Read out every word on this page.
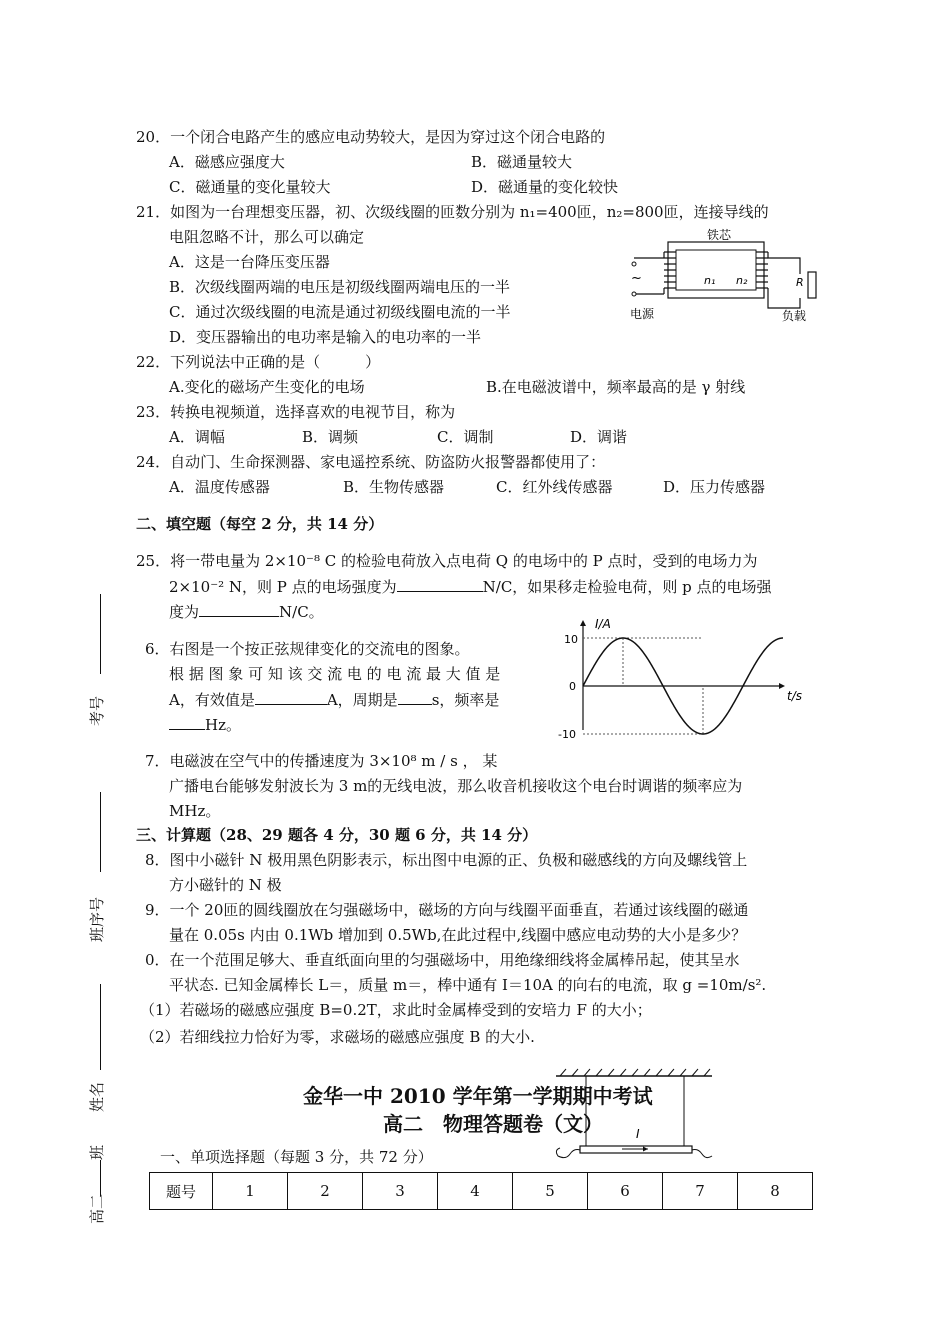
20．一个闭合电路产生的感应电动势较大，是因为穿过这个闭合电路的
A．磁感应强度大	B．磁通量较大
C．磁通量的变化量较大	D．磁通量的变化较快
21．如图为一台理想变压器，初、次级线圈的匝数分别为 n₁=400匝，n₂=800匝，连接导线的
电阻忽略不计，那么可以确定
A．这是一台降压变压器
B．次级线圈两端的电压是初级线圈两端电压的一半
C．通过次级线圈的电流是通过初级线圈电流的一半
D．变压器输出的电功率是输入的电功率的一半
铁芯
~	R
n₁ n₂
电源	负载
22．下列说法中正确的是（　　　）
A.变化的磁场产生变化的电场	B.在电磁波谱中，频率最高的是 γ 射线
23．转换电视频道，选择喜欢的电视节目，称为
A．调幅	B．调频	C．调制	D．调谐
24．自动门、生命探测器、家电遥控系统、防盗防火报警器都使用了：
A．温度传感器	B．生物传感器	C．红外线传感器	D．压力传感器
二、填空题（每空 2 分，共 14 分）
25．将一带电量为 2×10⁻⁸ C 的检验电荷放入点电荷 Q 的电场中的 P 点时，受到的电场力为
2×10⁻² N，则 P 点的电场强度为	N/C，如果移走检验电荷，则 p 点的电场强
度为	N/C。
6．右图是一个按正弦规律变化的交流电的图象。
根 据 图 象 可 知 该 交 流 电 的 电 流 最 大 值 是
A，有效值是	A，周期是 s，频率是
Hz。
I/A
t/s
10
0
-10
7．电磁波在空气中的传播速度为 3×10⁸ m / s ， 某
广播电台能够发射波长为 3 m的无线电波，那么收音机接收这个电台时调谐的频率应为
MHz。
三、计算题（28、29 题各 4 分，30 题 6 分，共 14 分）
8．图中小磁针 N 极用黑色阴影表示，标出图中电源的正、负极和磁感线的方向及螺线管上
方小磁针的 N 极
9．一个 20匝的圆线圈放在匀强磁场中，磁场的方向与线圈平面垂直，若通过该线圈的磁通
量在 0.05s 内由 0.1Wb 增加到 0.5Wb,在此过程中,线圈中感应电动势的大小是多少？
0．在一个范围足够大、垂直纸面向里的匀强磁场中，用绝缘细线将金属棒吊起，使其呈水
平状态. 已知金属棒长 L＝，质量 m＝，棒中通有 I＝10A 的向右的电流，取 g =10m/s².
（1）若磁场的磁感应强度 B=0.2T，求此时金属棒受到的安培力 F 的大小；
（2）若细线拉力恰好为零，求磁场的磁感应强度 B 的大小.
I
金华一中 2010 学年第一学期期中考试
高二　物理答题卷（文）
一、单项选择题（每题 3 分，共 72 分）
题号	1	2	3	4	5	6	7	8
考号
班序号
姓名
班
高二
